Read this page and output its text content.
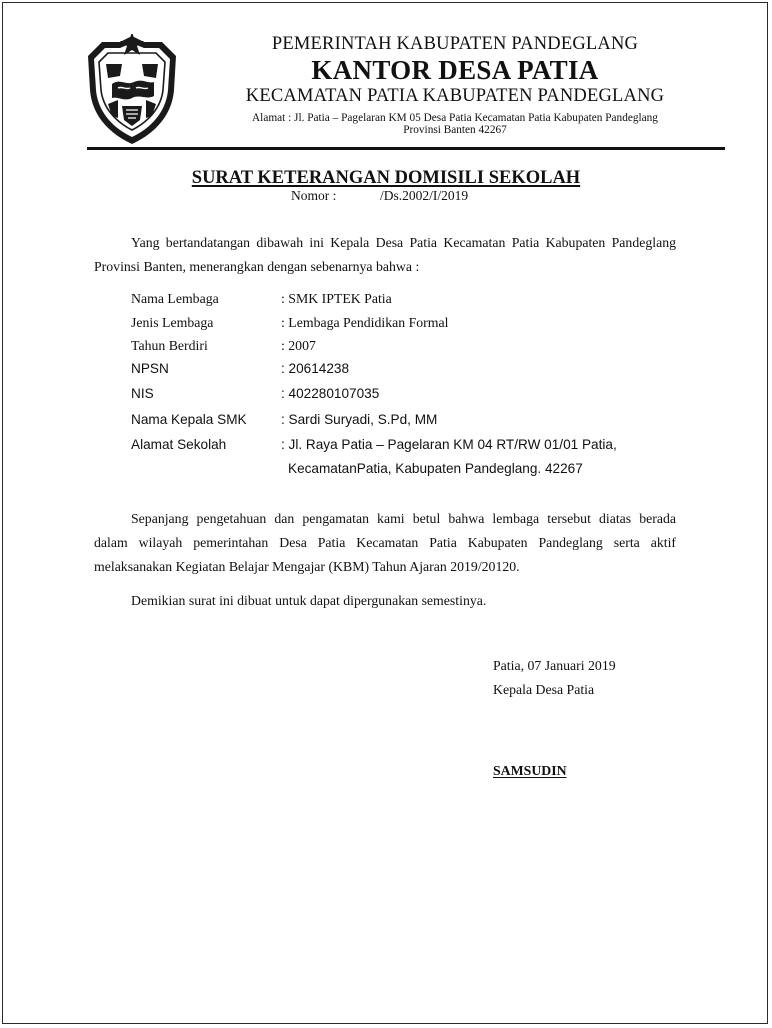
PEMERINTAH KABUPATEN PANDEGLANG
KANTOR DESA PATIA
KECAMATAN PATIA KABUPATEN PANDEGLANG
Alamat : Jl. Patia – Pagelaran KM 05 Desa Patia Kecamatan Patia Kabupaten Pandeglang
Provinsi Banten 42267
SURAT KETERANGAN DOMISILI SEKOLAH
Nomor :	/Ds.2002/I/2019

Yang bertandatangan dibawah ini Kepala Desa Patia Kecamatan Patia Kabupaten Pandeglang
Provinsi Banten, menerangkan dengan sebenarnya bahwa :

Nama Lembaga	: SMK IPTEK Patia
Jenis Lembaga	: Lembaga Pendidikan Formal
Tahun Berdiri	: 2007
NPSN	: 20614238
NIS	: 402280107035
Nama Kepala SMK	: Sardi Suryadi, S.Pd, MM
Alamat Sekolah	: Jl. Raya Patia – Pagelaran KM 04 RT/RW 01/01 Patia,
KecamatanPatia, Kabupaten Pandeglang. 42267

Sepanjang pengetahuan dan pengamatan kami betul bahwa lembaga tersebut diatas berada
dalam wilayah pemerintahan Desa Patia Kecamatan Patia Kabupaten Pandeglang serta aktif
melaksanakan Kegiatan Belajar Mengajar (KBM) Tahun Ajaran 2019/20120.

Demikian surat ini dibuat untuk dapat dipergunakan semestinya.

Patia, 07 Januari 2019
Kepala Desa Patia
SAMSUDIN
